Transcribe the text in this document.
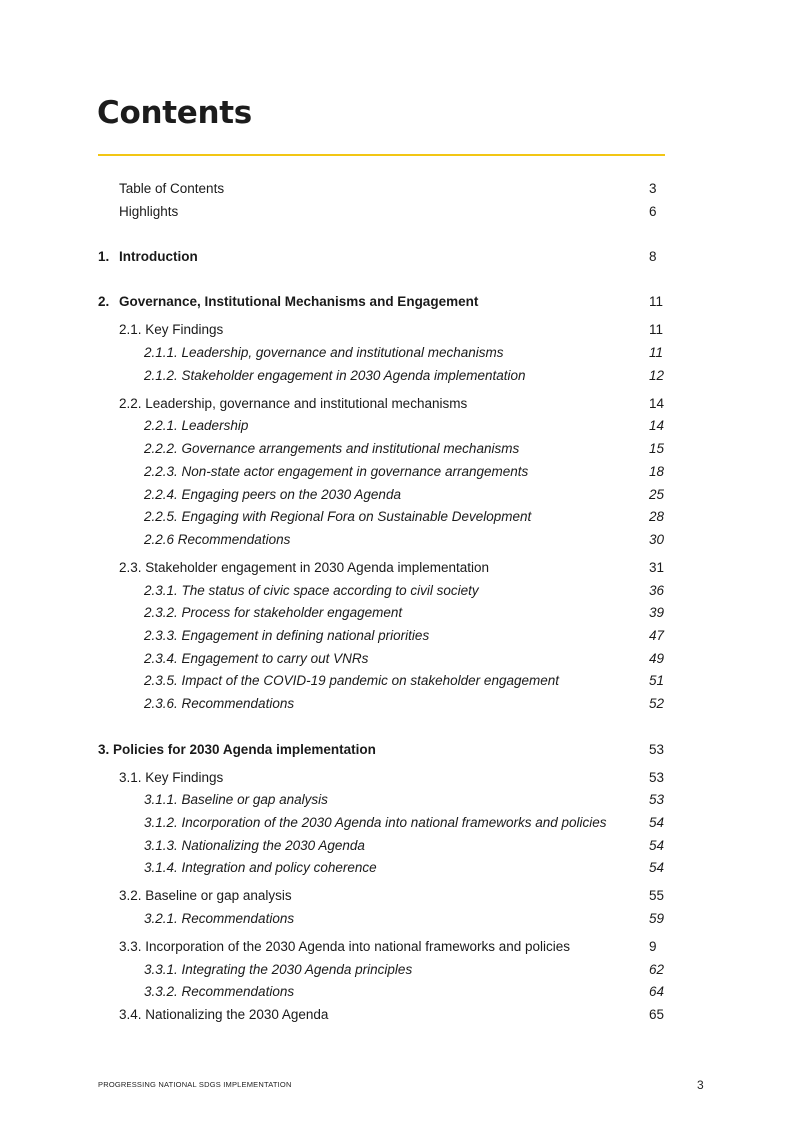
Contents
Table of Contents	3
Highlights	6
1. Introduction	8
2. Governance, Institutional Mechanisms and Engagement	11
2.1. Key Findings	11
2.1.1. Leadership, governance and institutional mechanisms	11
2.1.2. Stakeholder engagement in 2030 Agenda implementation	12
2.2. Leadership, governance and institutional mechanisms	14
2.2.1. Leadership	14
2.2.2. Governance arrangements and institutional mechanisms	15
2.2.3. Non-state actor engagement in governance arrangements	18
2.2.4. Engaging peers on the 2030 Agenda	25
2.2.5. Engaging with Regional Fora on Sustainable Development	28
2.2.6 Recommendations	30
2.3. Stakeholder engagement in 2030 Agenda implementation	31
2.3.1. The status of civic space according to civil society	36
2.3.2. Process for stakeholder engagement	39
2.3.3. Engagement in defining national priorities	47
2.3.4. Engagement to carry out VNRs	49
2.3.5. Impact of the COVID-19 pandemic on stakeholder engagement	51
2.3.6. Recommendations	52
3. Policies for 2030 Agenda implementation	53
3.1. Key Findings	53
3.1.1. Baseline or gap analysis	53
3.1.2. Incorporation of the 2030 Agenda into national frameworks and policies	54
3.1.3. Nationalizing the 2030 Agenda	54
3.1.4. Integration and policy coherence	54
3.2. Baseline or gap analysis	55
3.2.1. Recommendations	59
3.3. Incorporation of the 2030 Agenda into national frameworks and policies	9
3.3.1. Integrating the 2030 Agenda principles	62
3.3.2. Recommendations	64
3.4. Nationalizing the 2030 Agenda	65
PROGRESSING NATIONAL SDGS IMPLEMENTATION	3
